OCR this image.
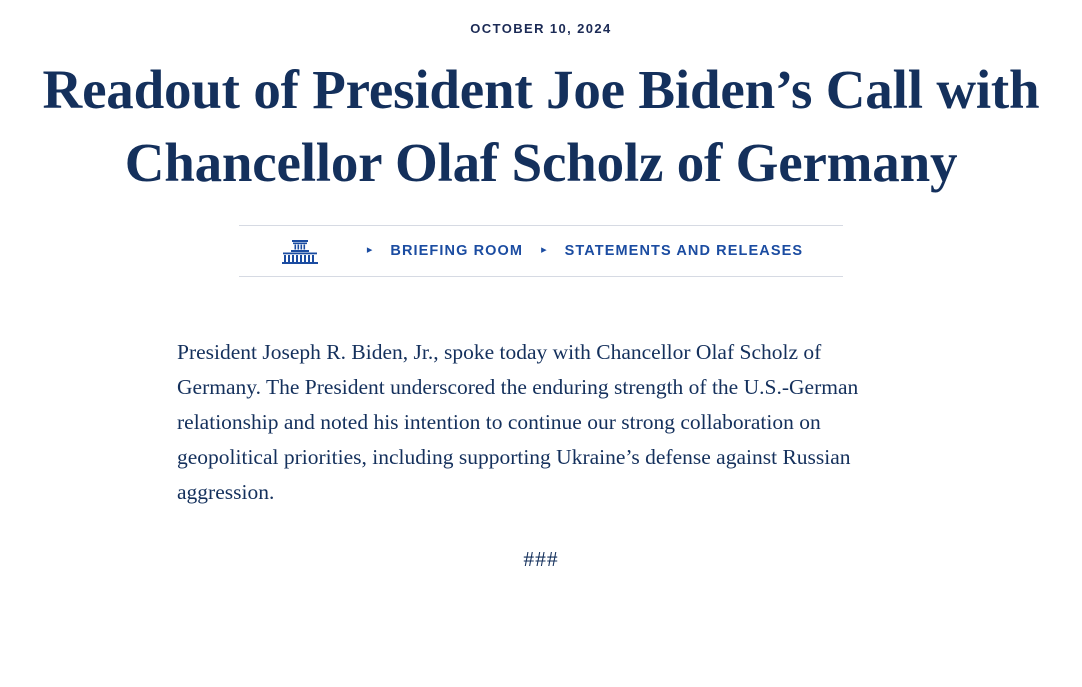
OCTOBER 10, 2024
Readout of President Joe Biden’s Call with Chancellor Olaf Scholz of Germany
▸ BRIEFING ROOM ▸ STATEMENTS AND RELEASES

President Joseph R. Biden, Jr., spoke today with Chancellor Olaf Scholz of Germany. The President underscored the enduring strength of the U.S.-German relationship and noted his intention to continue our strong collaboration on geopolitical priorities, including supporting Ukraine’s defense against Russian aggression.

###
